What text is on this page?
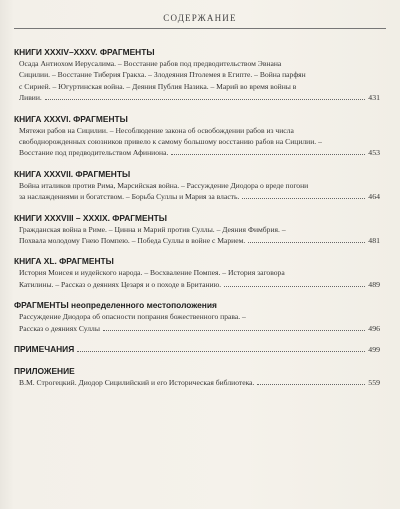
СОДЕРЖАНИЕ
КНИГИ XXXIV–XXXV. ФРАГМЕНТЫ
Осада Антиохом Иерусалима. – Восстание рабов под предводительством Эвнана
Сицилии. – Восстание Тиберия Гракха. – Злодеяния Птолемея в Египте. – Война парфян
с Сирией. – Югуртинская война. – Деяния Публия Назика. – Марий во время войны в
Ливии.	431
КНИГА XXXVI. ФРАГМЕНТЫ
Мятежи рабов на Сицилии. – Несоблюдение закона об освобождении рабов из числа
свободнорожденных союзников привело к самому большому восстанию рабов на Сицилии. –
Восстание под предводительством Афиниона.	453
КНИГА XXXVII. ФРАГМЕНТЫ
Война италиков против Рима, Марсийская война. – Рассуждение Диодора о вреде погони
за наслаждениями и богатством. – Борьба Суллы и Мария за власть.	464
КНИГИ XXXVIII – XXXIX. ФРАГМЕНТЫ
Гражданская война в Риме. – Цинна и Марий против Суллы. – Деяния Фимбрия. –
Похвала молодому Гнею Помпею. – Победа Суллы в войне с Марием.	481
КНИГА XL. ФРАГМЕНТЫ
История Моисея и иудейского народа. – Восхваление Помпея. – История заговора
Катилины. – Рассказ о деяниях Цезаря и о походе в Британию.	489
ФРАГМЕНТЫ неопределенного местоположения
Рассуждение Диодора об опасности попрания божественного права. –
Рассказ о деяниях Суллы	496
ПРИМЕЧАНИЯ	499
ПРИЛОЖЕНИЕ
В.М. Строгецкий. Диодор Сицилийский и его Историческая библиотека.	559
